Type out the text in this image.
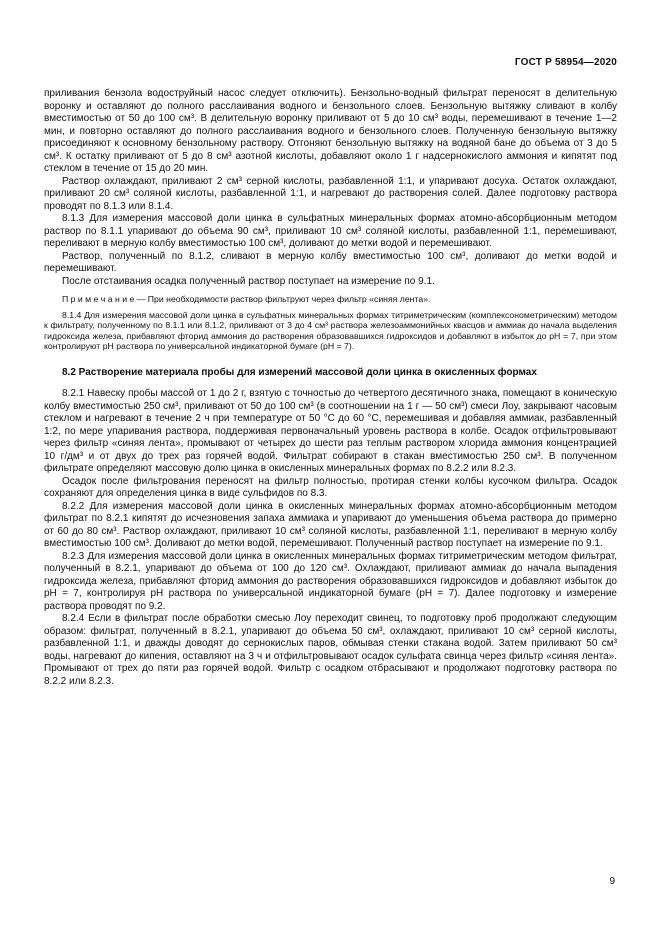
ГОСТ Р 58954—2020

приливания бензола водоструйный насос следует отключить). Бензольно-водный фильтрат переносят в делительную воронку и оставляют до полного расслаивания водного и бензольного слоев. Бензольную вытяжку сливают в колбу вместимостью от 50 до 100 см³. В делительную воронку приливают от 5 до 10 см³ воды, перемешивают в течение 1—2 мин, и повторно оставляют до полного расслаивания водного и бензольного слоев. Полученную бензольную вытяжку присоединяют к основному бензольному раствору. Отгоняют бензольную вытяжку на водяной бане до объема от 3 до 5 см³. К остатку приливают от 5 до 8 см³ азотной кислоты, добавляют около 1 г надсернокислого аммония и кипятят под стеклом в течение от 15 до 20 мин.

Раствор охлаждают, приливают 2 см³ серной кислоты, разбавленной 1:1, и упаривают досуха. Остаток охлаждают, приливают 20 см³ соляной кислоты, разбавленной 1:1, и нагревают до растворения солей. Далее подготовку раствора проводят по 8.1.3 или 8.1.4.

8.1.3 Для измерения массовой доли цинка в сульфатных минеральных формах атомно-абсорбционным методом раствор по 8.1.1 упаривают до объема 90 см³, приливают 10 см³ соляной кислоты, разбавленной 1:1, перемешивают, переливают в мерную колбу вместимостью 100 см³, доливают до метки водой и перемешивают.

Раствор, полученный по 8.1.2, сливают в мерную колбу вместимостью 100 см³, доливают до метки водой и перемешивают.

После отстаивания осадка полученный раствор поступает на измерение по 9.1.

П р и м е ч а н и е — При необходимости раствор фильтруют через фильтр «синяя лента».

8.1.4 Для измерения массовой доли цинка в сульфатных минеральных формах титриметрическим (комплексонометрическим) методом к фильтрату, полученному по 8.1.1 или 8.1.2, приливают от 3 до 4 см³ раствора железоаммонийных квасцов и аммиак до начала выделения гидроксида железа, прибавляют фторид аммония до растворения образовавшихся гидроксидов и добавляют в избыток до pH = 7, при этом контролируют pH раствора по универсальной индикаторной бумаге (pH = 7).

8.2 Растворение материала пробы для измерений массовой доли цинка в окисленных формах

8.2.1 Навеску пробы массой от 1 до 2 г, взятую с точностью до четвертого десятичного знака, помещают в коническую колбу вместимостью 250 см³, приливают от 50 до 100 см³ (в соотношении на 1 г — 50 см³) смеси Лоу, закрывают часовым стеклом и нагревают в течение 2 ч при температуре от 50 °С до 60 °С, перемешивая и добавляя аммиак, разбавленный 1:2, по мере упаривания раствора, поддерживая первоначальный уровень раствора в колбе. Осадок отфильтровывают через фильтр «синяя лента», промывают от четырех до шести раз теплым раствором хлорида аммония концентрацией 10 г/дм³ и от двух до трех раз горячей водой. Фильтрат собирают в стакан вместимостью 250 см³. В полученном фильтрате определяют массовую долю цинка в окисленных минеральных формах по 8.2.2 или 8.2.3.

Осадок после фильтрования переносят на фильтр полностью, протирая стенки колбы кусочком фильтра. Осадок сохраняют для определения цинка в виде сульфидов по 8.3.

8.2.2 Для измерения массовой доли цинка в окисленных минеральных формах атомно-абсорбционным методом фильтрат по 8.2.1 кипятят до исчезновения запаха аммиака и упаривают до уменьшения объема раствора до примерно от 60 до 80 см³. Раствор охлаждают, приливают 10 см³ соляной кислоты, разбавленной 1:1, переливают в мерную колбу вместимостью 100 см³. Доливают до метки водой, перемешивают. Полученный раствор поступает на измерение по 9.1.

8.2.3 Для измерения массовой доли цинка в окисленных минеральных формах титриметрическим методом фильтрат, полученный в 8.2.1, упаривают до объема от 100 до 120 см³. Охлаждают, приливают аммиак до начала выпадения гидроксида железа, прибавляют фторид аммония до растворения образовавшихся гидроксидов и добавляют избыток до pH = 7, контролируя pH раствора по универсальной индикаторной бумаге (pH = 7). Далее подготовку и измерение раствора проводят по 9.2.

8.2.4 Если в фильтрат после обработки смесью Лоу переходит свинец, то подготовку проб продолжают следующим образом: фильтрат, полученный в 8.2.1, упаривают до объема 50 см³, охлаждают, приливают 10 см³ серной кислоты, разбавленной 1:1, и дважды доводят до сернокислых паров, обмывая стенки стакана водой. Затем приливают 50 см³ воды, нагревают до кипения, оставляют на 3 ч и отфильтровывают осадок сульфата свинца через фильтр «синяя лента». Промывают от трех до пяти раз горячей водой. Фильтр с осадком отбрасывают и продолжают подготовку раствора по 8.2.2 или 8.2.3.

9
